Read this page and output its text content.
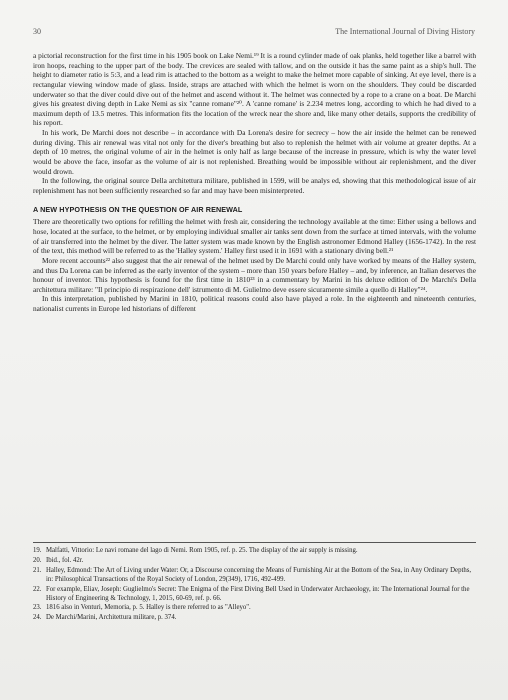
30	The International Journal of Diving History

a pictorial reconstruction for the first time in his 1905 book on Lake Nemi.¹⁹ It is a round cylinder made of oak planks, held together like a barrel with iron hoops, reaching to the upper part of the body. The crevices are sealed with tallow, and on the outside it has the same paint as a ship's hull. The height to diameter ratio is 5:3, and a lead rim is attached to the bottom as a weight to make the helmet more capable of sinking. At eye level, there is a rectangular viewing window made of glass. Inside, straps are attached with which the helmet is worn on the shoulders. They could be discarded underwater so that the diver could dive out of the helmet and ascend without it. The helmet was connected by a rope to a crane on a boat. De Marchi gives his greatest diving depth in Lake Nemi as six "canne romane"²⁰. A 'canne romane' is 2.234 metres long, according to which he had dived to a maximum depth of 13.5 metres. This information fits the location of the wreck near the shore and, like many other details, supports the credibility of his report.

In his work, De Marchi does not describe – in accordance with Da Lorena's desire for secrecy – how the air inside the helmet can be renewed during diving. This air renewal was vital not only for the diver's breathing but also to replenish the helmet with air volume at greater depths. At a depth of 10 metres, the original volume of air in the helmet is only half as large because of the increase in pressure, which is why the water level would be above the face, insofar as the volume of air is not replenished. Breathing would be impossible without air replenishment, and the diver would drown.

In the following, the original source Della architettura militare, published in 1599, will be analys ed, showing that this methodological issue of air replenishment has not been sufficiently researched so far and may have been misinterpreted.

A NEW HYPOTHESIS ON THE QUESTION OF AIR RENEWAL

There are theoretically two options for refilling the helmet with fresh air, considering the technology available at the time: Either using a bellows and hose, located at the surface, to the helmet, or by employing individual smaller air tanks sent down from the surface at timed intervals, with the volume of air transferred into the helmet by the diver. The latter system was made known by the English astronomer Edmond Halley (1656-1742). In the rest of the text, this method will be referred to as the 'Halley system.' Halley first used it in 1691 with a stationary diving bell.²¹

More recent accounts²² also suggest that the air renewal of the helmet used by De Marchi could only have worked by means of the Halley system, and thus Da Lorena can be inferred as the early inventor of the system – more than 150 years before Halley – and, by inference, an Italian deserves the honour of inventor. This hypothesis is found for the first time in 1810²³ in a commentary by Marini in his deluxe edition of De Marchi's Della architettura militare: "Il principio di respirazione dell' istrumento di M. Gulielmo deve essere sicuramente simile a quello di Halley"²⁴.

In this interpretation, published by Marini in 1810, political reasons could also have played a role. In the eighteenth and nineteenth centuries, nationalist currents in Europe led historians of different

19. Malfatti, Vittorio: Le navi romane del lago di Nemi. Rom 1905, ref. p. 25. The display of the air supply is missing.
20. Ibid., fol. 42r.
21. Halley, Edmond: The Art of Living under Water: Or, a Discourse concerning the Means of Furnishing Air at the Bottom of the Sea, in Any Ordinary Depths, in: Philosophical Transactions of the Royal Society of London, 29(349), 1716, 492-499.
22. For example, Eliav, Joseph: Guglielmo's Secret: The Enigma of the First Diving Bell Used in Underwater Archaeology, in: The International Journal for the History of Engineering & Technology, 1, 2015, 60-69, ref. p. 66.
23. 1816 also in Venturi, Memoria, p. 5. Halley is there referred to as "Alleyo".
24. De Marchi/Marini, Architettura militare, p. 374.
